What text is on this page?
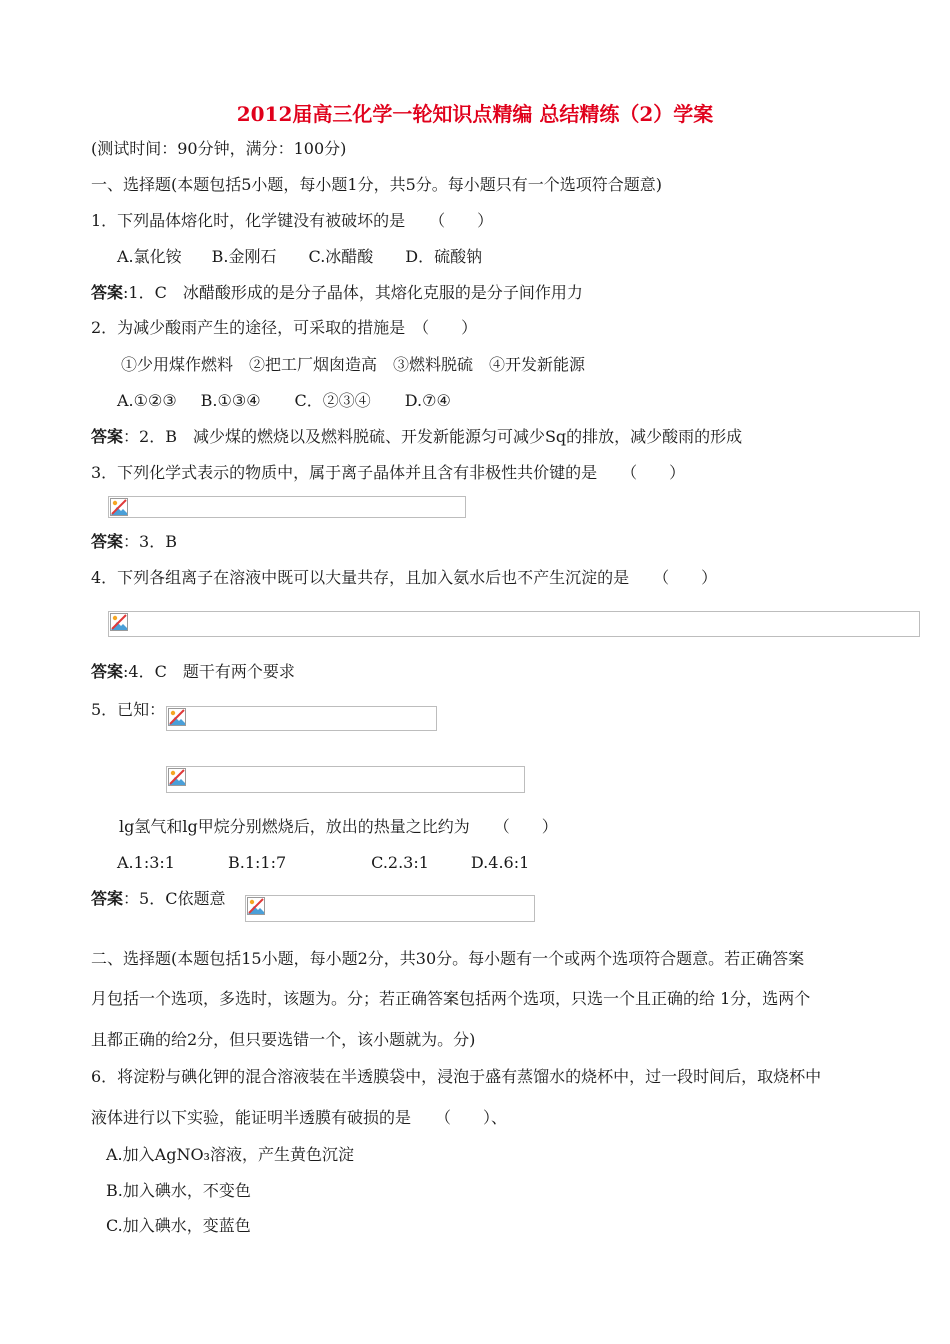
2012届高三化学一轮知识点精编 总结精练（2）学案
(测试时间：90分钟，满分：100分)
一、选择题(本题包括5小题，每小题1分，共5分。每小题只有一个选项符合题意)
1．下列晶体熔化时，化学键没有被破坏的是　　（　　）
A.氯化铵 B.金刚石 C.冰醋酸 D．硫酸钠
答案:1．C　冰醋酸形成的是分子晶体，其熔化克服的是分子间作用力
2．为减少酸雨产生的途径，可采取的措施是　（　　）
①少用煤作燃料　②把工厂烟囱造高　③燃料脱硫　④开发新能源
A.①②③ B.①③④ C．②③④ D.⑦④
答案：2．B　减少煤的燃烧以及燃料脱硫、开发新能源匀可减少Sq的排放，减少酸雨的形成
3．下列化学式表示的物质中，属于离子晶体并且含有非极性共价键的是　　（　　）
答案：3．B
4．下列各组离子在溶液中既可以大量共存，且加入氨水后也不产生沉淀的是　　（　　）
答案:4．C　题干有两个要求
5．已知：
lg氢气和lg甲烷分别燃烧后，放出的热量之比约为　　（　　）
A.1:3:1	B.1:1:7	C.2.3:1	D.4.6:1
答案：5．C依题意
二、选择题(本题包括15小题，每小题2分，共30分。每小题有一个或两个选项符合题意。若正确答案
月包括一个选项，多选时，该题为。分；若正确答案包括两个选项，只选一个且正确的给 1分，选两个
且都正确的给2分，但只要选错一个，该小题就为。分)
6．将淀粉与碘化钾的混合溶液装在半透膜袋中，浸泡于盛有蒸馏水的烧杯中，过一段时间后，取烧杯中
液体进行以下实验，能证明半透膜有破损的是　　（　　）、
A.加入AgNO₃溶液，产生黄色沉淀
B.加入碘水，不变色
C.加入碘水，变蓝色
